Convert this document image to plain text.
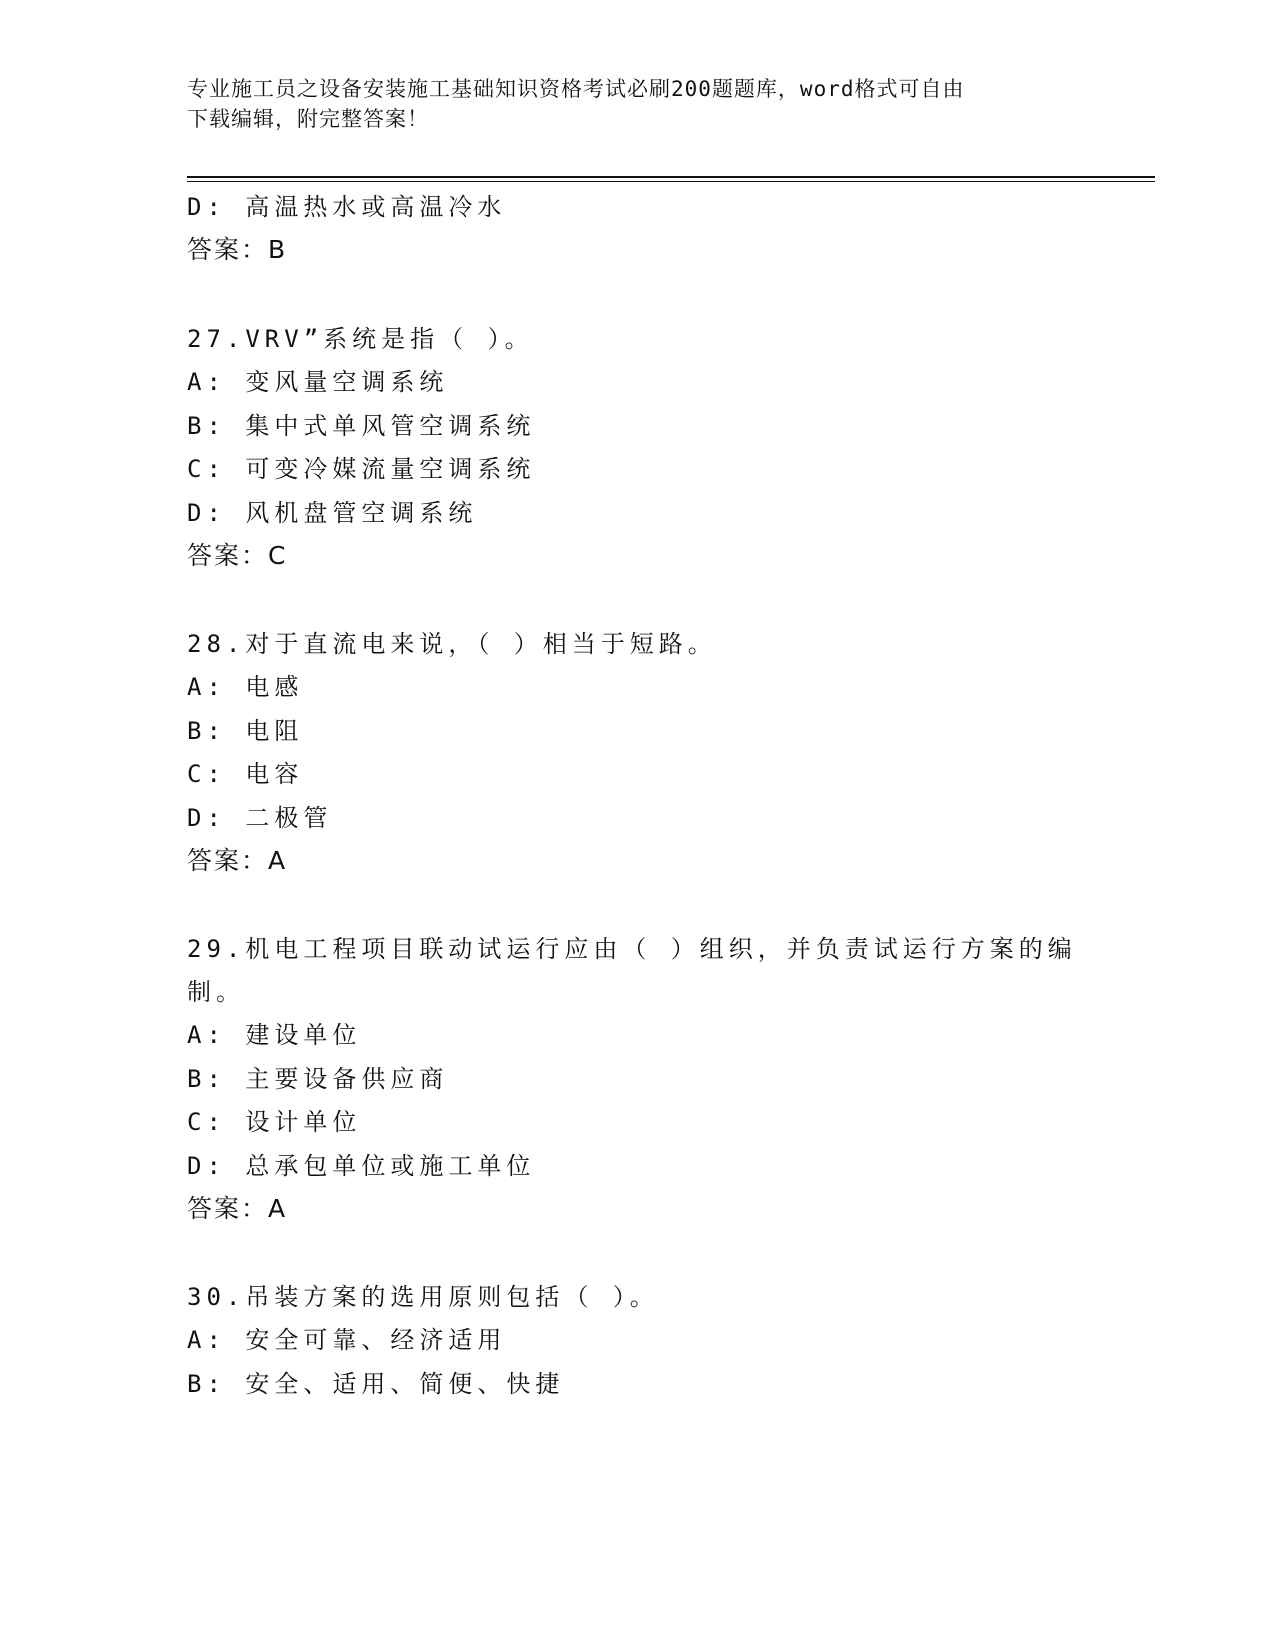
专业施工员之设备安装施工基础知识资格考试必刷200题题库，word格式可自由
下载编辑，附完整答案！
D: 高温热水或高温冷水
答案：B
27.VRV”系统是指（ ）。
A: 变风量空调系统
B: 集中式单风管空调系统
C: 可变冷媒流量空调系统
D: 风机盘管空调系统
答案：C
28.对于直流电来说，（ ）相当于短路。
A: 电感
B: 电阻
C: 电容
D: 二极管
答案：A
29.机电工程项目联动试运行应由（ ）组织，并负责试运行方案的编
制。
A: 建设单位
B: 主要设备供应商
C: 设计单位
D: 总承包单位或施工单位
答案：A
30.吊装方案的选用原则包括（ ）。
A: 安全可靠、经济适用
B: 安全、适用、简便、快捷
